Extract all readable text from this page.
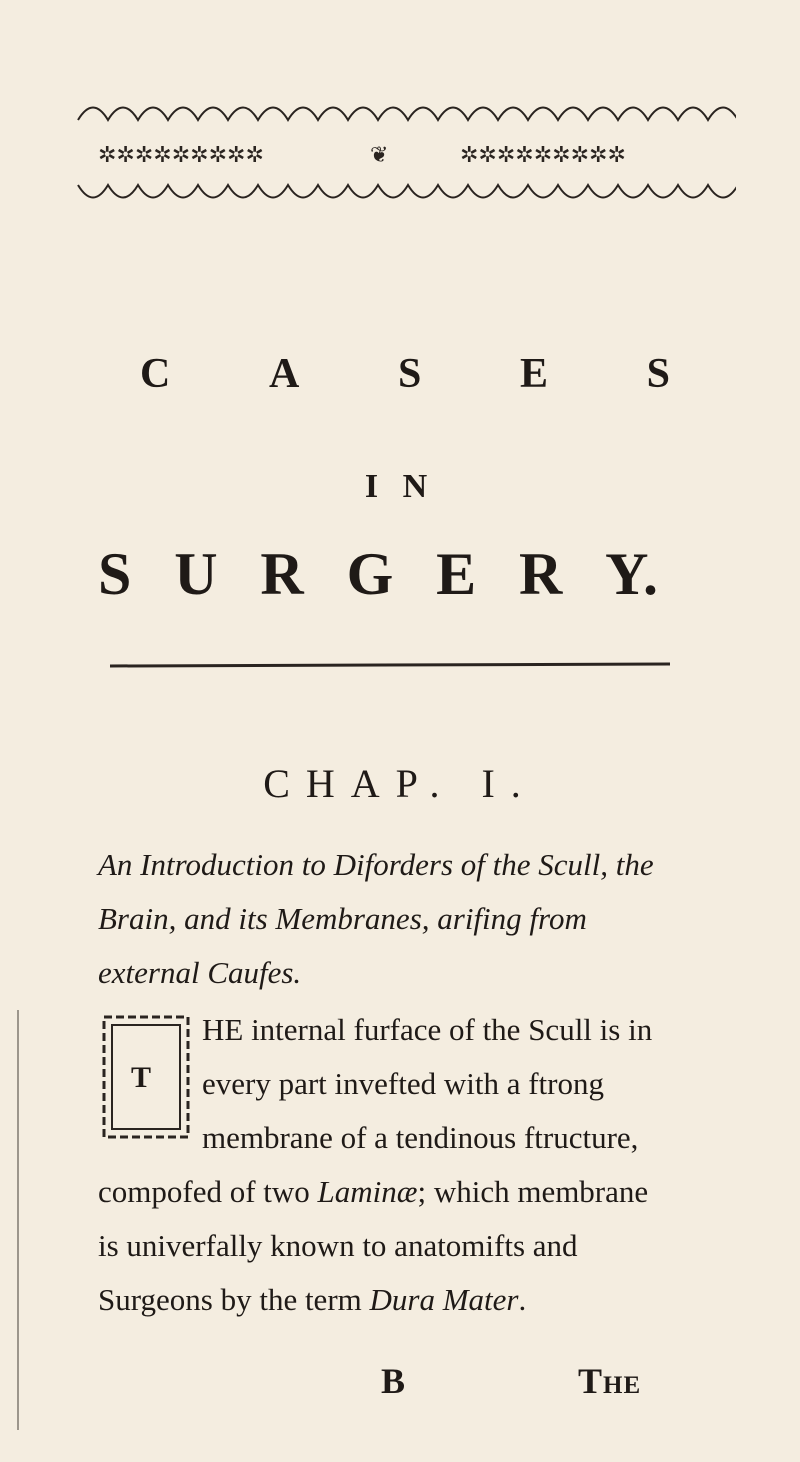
✲✲✲✲✲✲✲✲✲	❦	✲✲✲✲✲✲✲✲✲
C A S E S
I N
S U R G E R Y.
CHAP. I.
An Introduction to Diforders of the Scull, the Brain, and its Membranes, arifing from external Caufes.
T
HE internal furface of the Scull is in every part invefted with a ftrong membrane of a tendinous ftructure, compofed of two Laminæ; which membrane is univerfally known to anatomifts and Surgeons by the term Dura Mater.
B	The
